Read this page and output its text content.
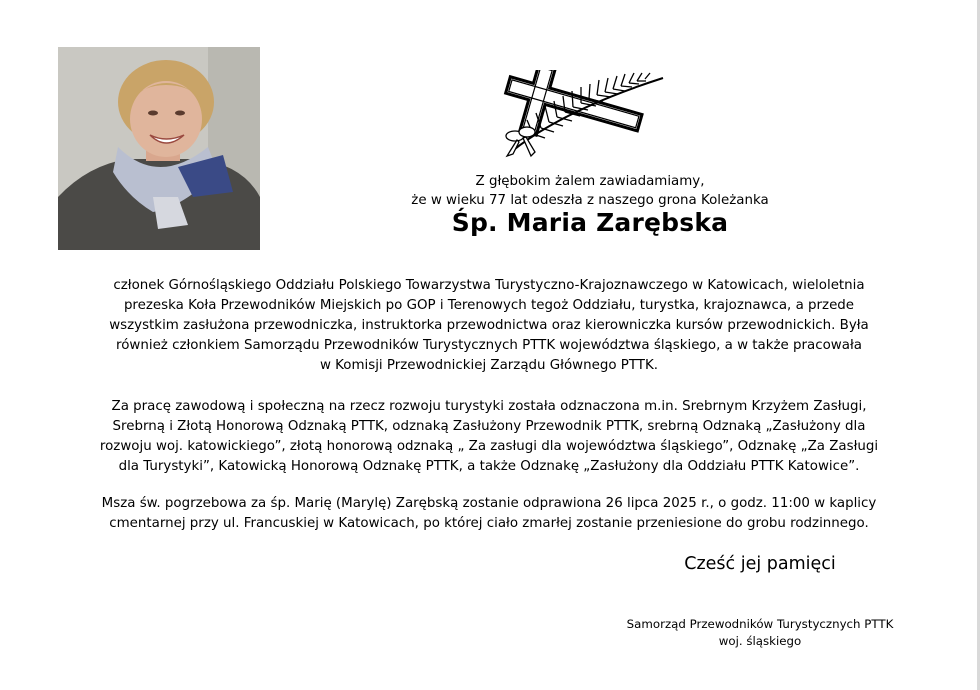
Z głębokim żalem zawiadamiamy,
że w wieku 77 lat odeszła z naszego grona Koleżanka
Śp. Maria Zarębska
członek Górnośląskiego Oddziału Polskiego Towarzystwa Turystyczno-Krajoznawczego w Katowicach, wieloletnia
prezeska Koła Przewodników Miejskich po GOP i Terenowych tegoż Oddziału, turystka, krajoznawca, a przede
wszystkim zasłużona przewodniczka, instruktorka przewodnictwa oraz kierowniczka kursów przewodnickich. Była
również członkiem Samorządu Przewodników Turystycznych PTTK województwa śląskiego, a w także pracowała
w Komisji Przewodnickiej Zarządu Głównego PTTK.
Za pracę zawodową i społeczną na rzecz rozwoju turystyki została odznaczona m.in. Srebrnym Krzyżem Zasługi,
Srebrną i Złotą Honorową Odznaką PTTK, odznaką Zasłużony Przewodnik PTTK, srebrną Odznaką „Zasłużony dla
rozwoju woj. katowickiego”, złotą honorową odznaką „ Za zasługi dla województwa śląskiego”, Odznakę „Za Zasługi
dla Turystyki”, Katowicką Honorową Odznakę PTTK, a także Odznakę „Zasłużony dla Oddziału PTTK Katowice”.
Msza św. pogrzebowa za śp. Marię (Marylę) Zarębską zostanie odprawiona 26 lipca 2025 r., o godz. 11:00 w kaplicy
cmentarnej przy ul. Francuskiej w Katowicach, po której ciało zmarłej zostanie przeniesione do grobu rodzinnego.
Cześć jej pamięci
Samorząd Przewodników Turystycznych PTTK
woj. śląskiego
